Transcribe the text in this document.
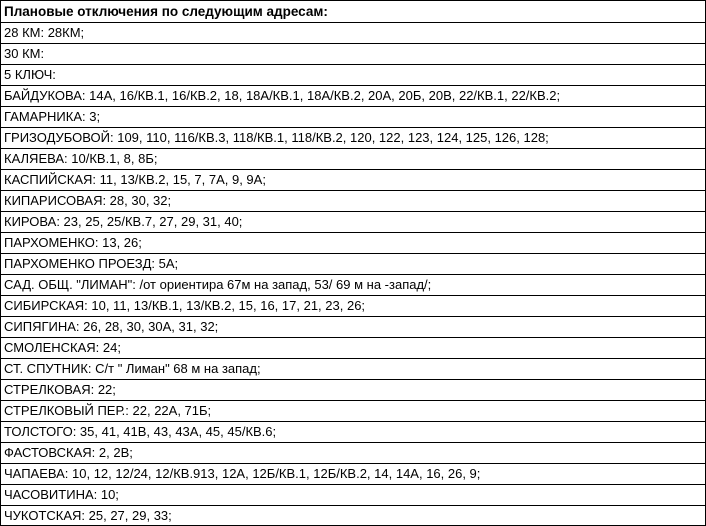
Плановые отключения по следующим адресам:
28 КМ: 28КМ;
30 КМ:
5 КЛЮЧ:
БАЙДУКОВА: 14А, 16/КВ.1, 16/КВ.2, 18, 18А/КВ.1, 18А/КВ.2, 20А, 20Б, 20В, 22/КВ.1, 22/КВ.2;
ГАМАРНИКА: 3;
ГРИЗОДУБОВОЙ: 109, 110, 116/КВ.3, 118/КВ.1, 118/КВ.2, 120, 122, 123, 124, 125, 126, 128;
КАЛЯЕВА: 10/КВ.1, 8, 8Б;
КАСПИЙСКАЯ: 11, 13/КВ.2, 15, 7, 7А, 9, 9А;
КИПАРИСОВАЯ: 28, 30, 32;
КИРОВА: 23, 25, 25/КВ.7, 27, 29, 31, 40;
ПАРХОМЕНКО: 13, 26;
ПАРХОМЕНКО ПРОЕЗД: 5А;
САД. ОБЩ. "ЛИМАН": /от ориентира 67м на запад, 53/ 69 м на -запад/;
СИБИРСКАЯ: 10, 11, 13/КВ.1, 13/КВ.2, 15, 16, 17, 21, 23, 26;
СИПЯГИНА: 26, 28, 30, 30А, 31, 32;
СМОЛЕНСКАЯ: 24;
СТ. СПУТНИК: С/т " Лиман" 68 м на запад;
СТРЕЛКОВАЯ: 22;
СТРЕЛКОВЫЙ ПЕР.: 22, 22А, 71Б;
ТОЛСТОГО: 35, 41, 41В, 43, 43А, 45, 45/КВ.6;
ФАСТОВСКАЯ: 2, 2В;
ЧАПАЕВА: 10, 12, 12/24, 12/КВ.913, 12А, 12Б/КВ.1, 12Б/КВ.2, 14, 14А, 16, 26, 9;
ЧАСОВИТИНА: 10;
ЧУКОТСКАЯ: 25, 27, 29, 33;
